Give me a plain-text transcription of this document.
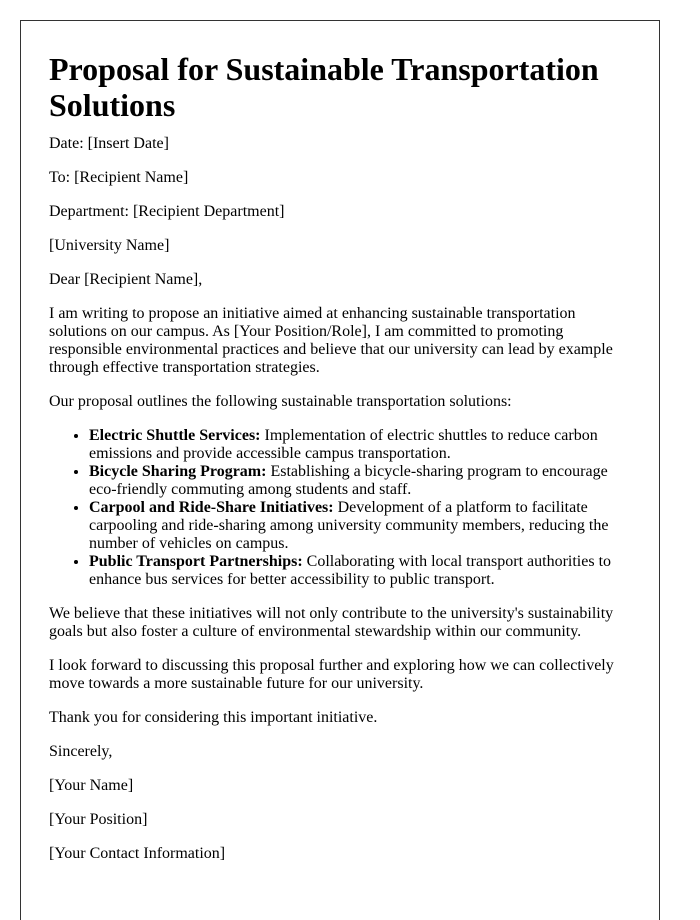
Proposal for Sustainable Transportation Solutions

Date: [Insert Date]

To: [Recipient Name]

Department: [Recipient Department]

[University Name]

Dear [Recipient Name],

I am writing to propose an initiative aimed at enhancing sustainable transportation solutions on our campus. As [Your Position/Role], I am committed to promoting responsible environmental practices and believe that our university can lead by example through effective transportation strategies.

Our proposal outlines the following sustainable transportation solutions:

• Electric Shuttle Services: Implementation of electric shuttles to reduce carbon emissions and provide accessible campus transportation.
• Bicycle Sharing Program: Establishing a bicycle-sharing program to encourage eco-friendly commuting among students and staff.
• Carpool and Ride-Share Initiatives: Development of a platform to facilitate carpooling and ride-sharing among university community members, reducing the number of vehicles on campus.
• Public Transport Partnerships: Collaborating with local transport authorities to enhance bus services for better accessibility to public transport.

We believe that these initiatives will not only contribute to the university's sustainability goals but also foster a culture of environmental stewardship within our community.

I look forward to discussing this proposal further and exploring how we can collectively move towards a more sustainable future for our university.

Thank you for considering this important initiative.

Sincerely,

[Your Name]

[Your Position]

[Your Contact Information]
